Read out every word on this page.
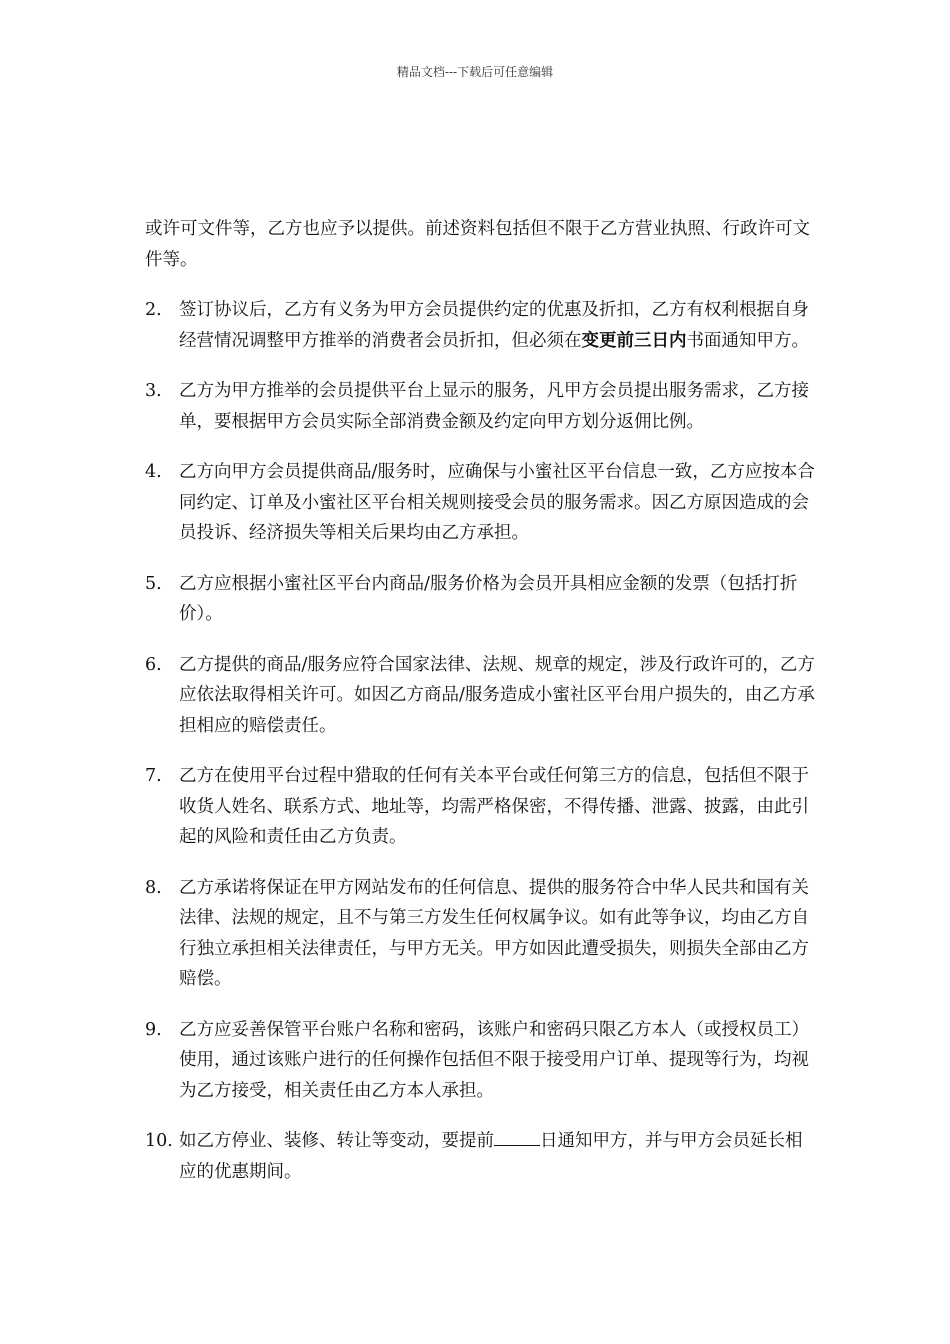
精品文档---下载后可任意编辑

或许可文件等，乙方也应予以提供。前述资料包括但不限于乙方营业执照、行政许可文件等。

2. 签订协议后，乙方有义务为甲方会员提供约定的优惠及折扣，乙方有权利根据自身经营情况调整甲方推举的消费者会员折扣，但必须在变更前三日内书面通知甲方。
3. 乙方为甲方推举的会员提供平台上显示的服务，凡甲方会员提出服务需求，乙方接单，要根据甲方会员实际全部消费金额及约定向甲方划分返佣比例。
4. 乙方向甲方会员提供商品/服务时，应确保与小蜜社区平台信息一致，乙方应按本合同约定、订单及小蜜社区平台相关规则接受会员的服务需求。因乙方原因造成的会员投诉、经济损失等相关后果均由乙方承担。
5. 乙方应根据小蜜社区平台内商品/服务价格为会员开具相应金额的发票（包括打折价）。
6. 乙方提供的商品/服务应符合国家法律、法规、规章的规定，涉及行政许可的，乙方应依法取得相关许可。如因乙方商品/服务造成小蜜社区平台用户损失的，由乙方承担相应的赔偿责任。
7. 乙方在使用平台过程中猎取的任何有关本平台或任何第三方的信息，包括但不限于收货人姓名、联系方式、地址等，均需严格保密，不得传播、泄露、披露，由此引起的风险和责任由乙方负责。
8. 乙方承诺将保证在甲方网站发布的任何信息、提供的服务符合中华人民共和国有关法律、法规的规定，且不与第三方发生任何权属争议。如有此等争议，均由乙方自行独立承担相关法律责任，与甲方无关。甲方如因此遭受损失，则损失全部由乙方赔偿。
9. 乙方应妥善保管平台账户名称和密码，该账户和密码只限乙方本人（或授权员工）使用，通过该账户进行的任何操作包括但不限于接受用户订单、提现等行为，均视为乙方接受，相关责任由乙方本人承担。
10. 如乙方停业、装修、转让等变动，要提前	日通知甲方，并与甲方会员延长相应的优惠期间。
